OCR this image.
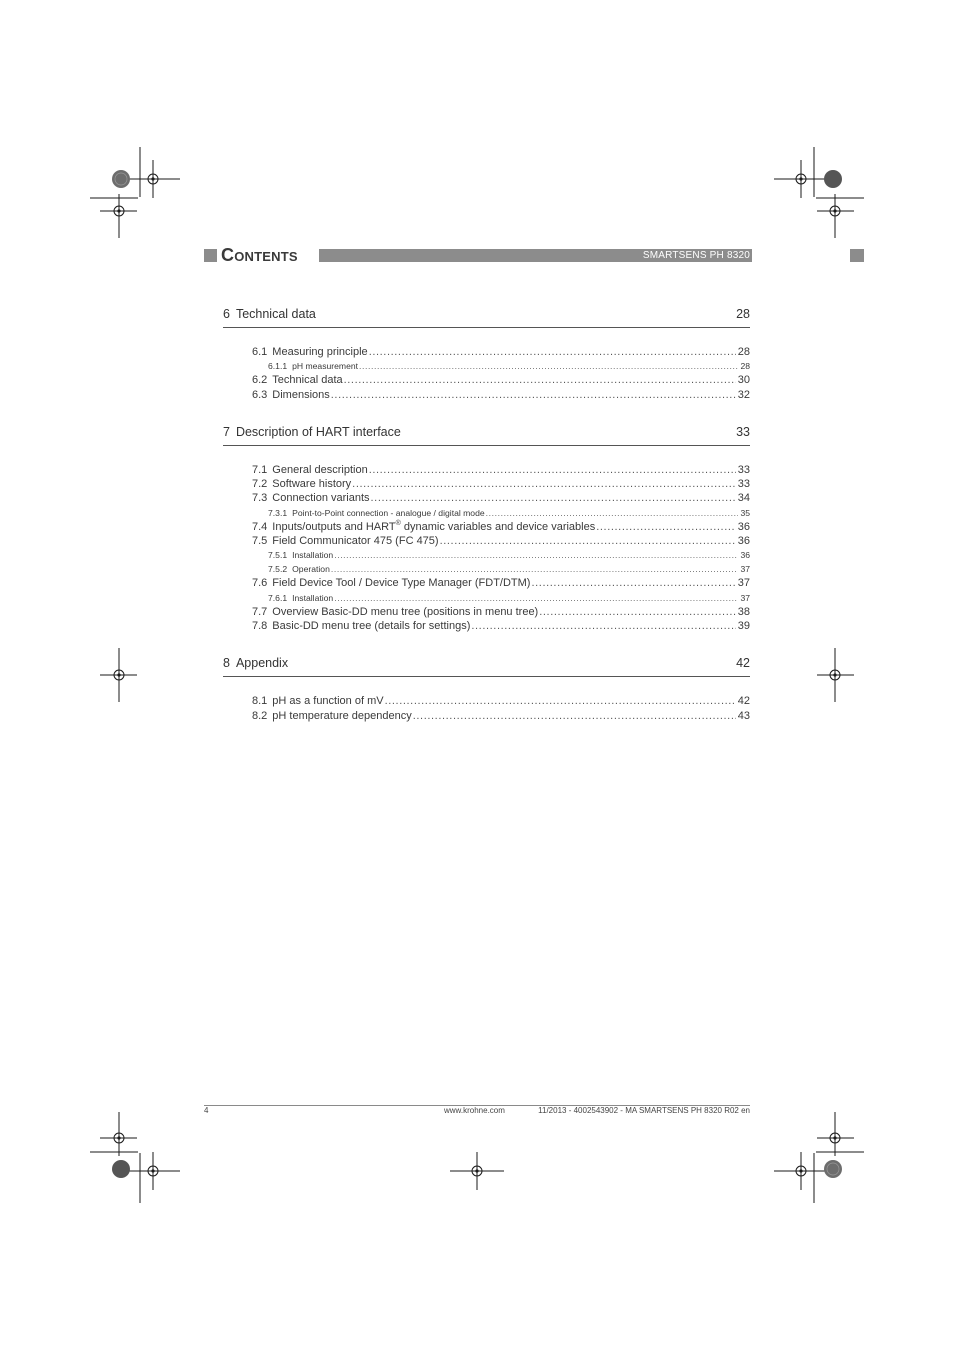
Contents	SMARTSENS PH 8320
6 Technical data	28
6.1 Measuring principle .....	28
6.1.1 pH measurement .....	28
6.2 Technical data .....	30
6.3 Dimensions .....	32
7 Description of HART interface	33
7.1 General description .....	33
7.2 Software history .....	33
7.3 Connection variants .....	34
7.3.1 Point-to-Point connection - analogue / digital mode .....	35
7.4 Inputs/outputs and HART® dynamic variables and device variables .....	36
7.5 Field Communicator 475 (FC 475) .....	36
7.5.1 Installation .....	36
7.5.2 Operation .....	37
7.6 Field Device Tool / Device Type Manager (FDT/DTM) .....	37
7.6.1 Installation .....	37
7.7 Overview Basic-DD menu tree (positions in menu tree) .....	38
7.8 Basic-DD menu tree (details for settings) .....	39
8 Appendix	42
8.1 pH as a function of mV .....	42
8.2 pH temperature dependency .....	43
4	www.krohne.com	11/2013 - 4002543902 - MA SMARTSENS PH 8320 R02 en
